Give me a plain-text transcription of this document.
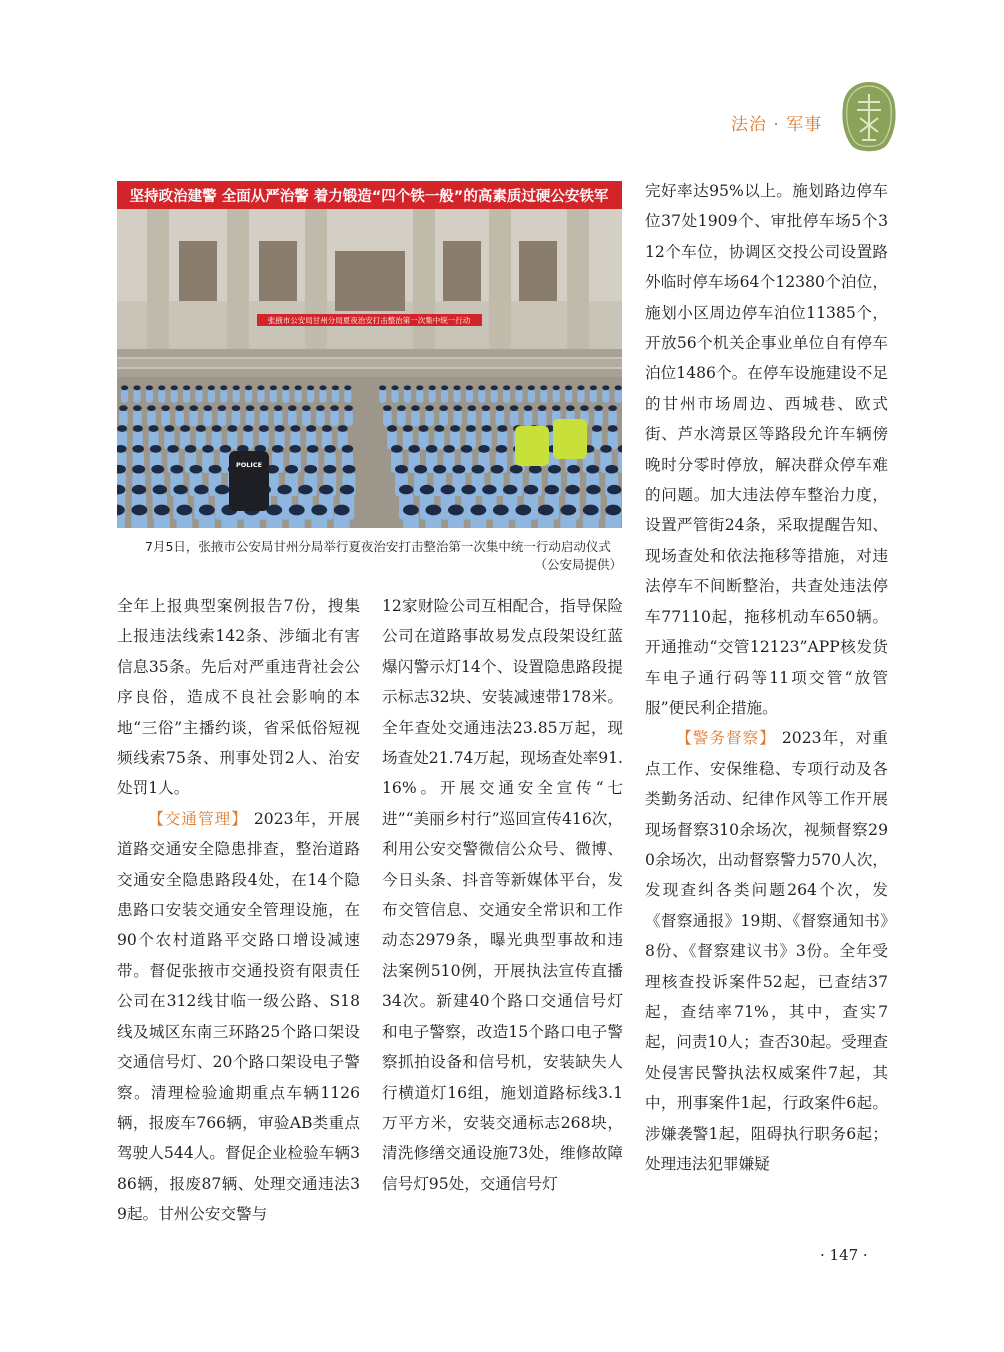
法治 · 军事
坚持政治建警 全面从严治警 着力锻造“四个铁一般”的高素质过硬公安铁军
张掖市公安局甘州分局夏夜治安打击整治第一次集中统一行动
POLICE
7月5日，张掖市公安局甘州分局举行夏夜治安打击整治第一次集中统一行动启动仪式
（公安局提供）

全年上报典型案例报告7份，搜集上报违法线索142条、涉缅北有害信息35条。先后对严重违背社会公序良俗，造成不良社会影响的本地“三俗”主播约谈，省采低俗短视频线索75条、刑事处罚2人、治安处罚1人。

【交通管理】 2023年，开展道路交通安全隐患排查，整治道路交通安全隐患路段4处，在14个隐患路口安装交通安全管理设施，在90个农村道路平交路口增设减速带。督促张掖市交通投资有限责任公司在312线甘临一级公路、S18线及城区东南三环路25个路口架设交通信号灯、20个路口架设电子警察。清理检验逾期重点车辆1126辆，报废车766辆，审验AB类重点驾驶人544人。督促企业检验车辆386辆，报废87辆、处理交通违法39起。甘州公安交警与

12家财险公司互相配合，指导保险公司在道路事故易发点段架设红蓝爆闪警示灯14个、设置隐患路段提示标志32块、安装减速带178米。全年查处交通违法23.85万起，现场查处21.74万起，现场查处率91.16%。开展交通安全宣传“七进”“美丽乡村行”巡回宣传416次，利用公安交警微信公众号、微博、今日头条、抖音等新媒体平台，发布交管信息、交通安全常识和工作动态2979条，曝光典型事故和违法案例510例，开展执法宣传直播34次。新建40个路口交通信号灯和电子警察，改造15个路口电子警察抓拍设备和信号机，安装缺失人行横道灯16组，施划道路标线3.1万平方米，安装交通标志268块，清洗修缮交通设施73处，维修故障信号灯95处，交通信号灯

完好率达95%以上。施划路边停车位37处1909个、审批停车场5个312个车位，协调区交投公司设置路外临时停车场64个12380个泊位，施划小区周边停车泊位11385个，开放56个机关企事业单位自有停车泊位1486个。在停车设施建设不足的甘州市场周边、西城巷、欧式街、芦水湾景区等路段允许车辆傍晚时分零时停放，解决群众停车难的问题。加大违法停车整治力度，设置严管街24条，采取提醒告知、现场查处和依法拖移等措施，对违法停车不间断整治，共查处违法停车77110起，拖移机动车650辆。开通推动“交管12123”APP核发货车电子通行码等11项交管“放管服”便民利企措施。

【警务督察】 2023年，对重点工作、安保维稳、专项行动及各类勤务活动、纪律作风等工作开展现场督察310余场次，视频督察290余场次，出动督察警力570人次，发现查纠各类问题264个次，发《督察通报》19期、《督察通知书》8份、《督察建议书》3份。全年受理核查投诉案件52起，已查结37起，查结率71%，其中，查实7起，问责10人；查否30起。受理查处侵害民警执法权威案件7起，其中，刑事案件1起，行政案件6起。涉嫌袭警1起，阻碍执行职务6起；处理违法犯罪嫌疑

· 147 ·
